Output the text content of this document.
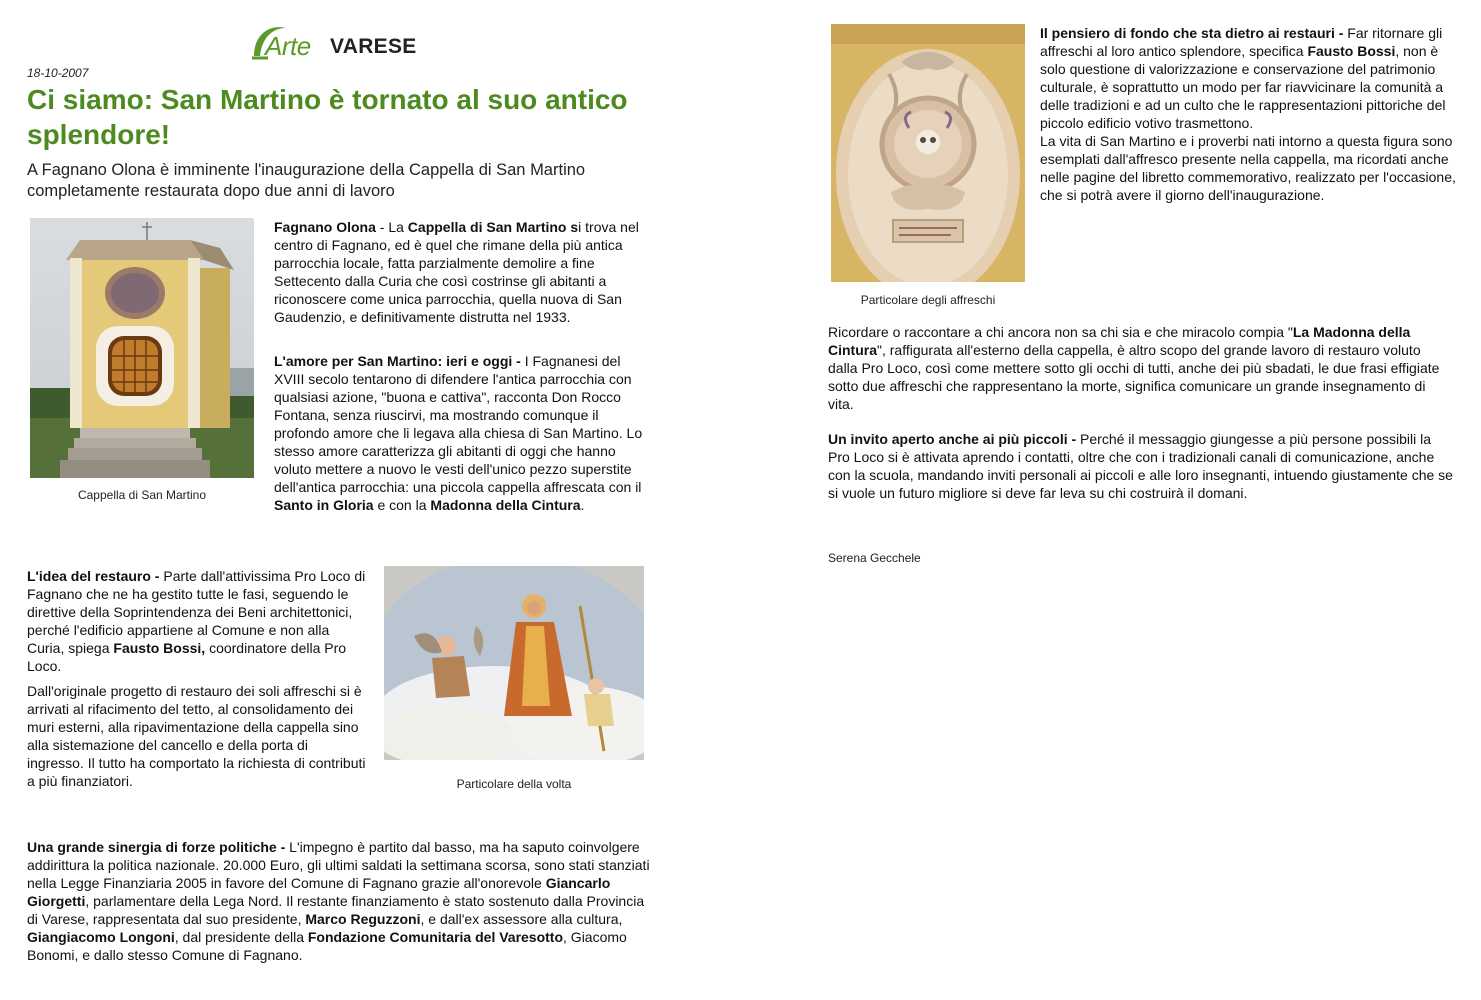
Arte VARESE
18-10-2007
Ci siamo: San Martino è tornato al suo antico splendore!
A Fagnano Olona è imminente l'inaugurazione della Cappella di San Martino completamente restaurata dopo due anni di lavoro
Cappella di San Martino

Fagnano Olona - La Cappella di San Martino si trova nel centro di Fagnano, ed è quel che rimane della più antica parrocchia locale, fatta parzialmente demolire a fine Settecento dalla Curia che così costrinse gli abitanti a riconoscere come unica parrocchia, quella nuova di San Gaudenzio, e definitivamente distrutta nel 1933.

L'amore per San Martino: ieri e oggi - I Fagnanesi del XVIII secolo tentarono di difendere l'antica parrocchia con qualsiasi azione, "buona e cattiva", racconta Don Rocco Fontana, senza riuscirvi, ma mostrando comunque il profondo amore che li legava alla chiesa di San Martino. Lo stesso amore caratterizza gli abitanti di oggi che hanno voluto mettere a nuovo le vesti dell'unico pezzo superstite dell'antica parrocchia: una piccola cappella affrescata con il Santo in Gloria e con la Madonna della Cintura.

L'idea del restauro - Parte dall'attivissima Pro Loco di Fagnano che ne ha gestito tutte le fasi, seguendo le direttive della Soprintendenza dei Beni architettonici, perché l'edificio appartiene al Comune e non alla Curia, spiega Fausto Bossi, coordinatore della Pro Loco.

Dall'originale progetto di restauro dei soli affreschi si è arrivati al rifacimento del tetto, al consolidamento dei muri esterni, alla ripavimentazione della cappella sino alla sistemazione del cancello e della porta di ingresso. Il tutto ha comportato la richiesta di contributi a più finanziatori.	Particolare della volta

Una grande sinergia di forze politiche - L'impegno è partito dal basso, ma ha saputo coinvolgere addirittura la politica nazionale. 20.000 Euro, gli ultimi saldati la settimana scorsa, sono stati stanziati nella Legge Finanziaria 2005 in favore del Comune di Fagnano grazie all'onorevole Giancarlo Giorgetti, parlamentare della Lega Nord. Il restante finanziamento è stato sostenuto dalla Provincia di Varese, rappresentata dal suo presidente, Marco Reguzzoni, e dall'ex assessore alla cultura, Giangiacomo Longoni, dal presidente della Fondazione Comunitaria del Varesotto, Giacomo Bonomi, e dallo stesso Comune di Fagnano.

Particolare degli affreschi

Il pensiero di fondo che sta dietro ai restauri - Far ritornare gli affreschi al loro antico splendore, specifica Fausto Bossi, non è solo questione di valorizzazione e conservazione del patrimonio culturale, è soprattutto un modo per far riavvicinare la comunità a delle tradizioni e ad un culto che le rappresentazioni pittoriche del piccolo edificio votivo trasmettono.

La vita di San Martino e i proverbi nati intorno a questa figura sono esemplati dall'affresco presente nella cappella, ma ricordati anche nelle pagine del libretto commemorativo, realizzato per l'occasione, che si potrà avere il giorno dell'inaugurazione.

Ricordare o raccontare a chi ancora non sa chi sia e che miracolo compia "La Madonna della Cintura", raffigurata all'esterno della cappella, è altro scopo del grande lavoro di restauro voluto dalla Pro Loco, così come mettere sotto gli occhi di tutti, anche dei più sbadati, le due frasi effigiate sotto due affreschi che rappresentano la morte, significa comunicare un grande insegnamento di vita.

Un invito aperto anche ai più piccoli - Perché il messaggio giungesse a più persone possibili la Pro Loco si è attivata aprendo i contatti, oltre che con i tradizionali canali di comunicazione, anche con la scuola, mandando inviti personali ai piccoli e alle loro insegnanti, intuendo giustamente che se si vuole un futuro migliore si deve far leva su chi costruirà il domani.

Serena Gecchele
